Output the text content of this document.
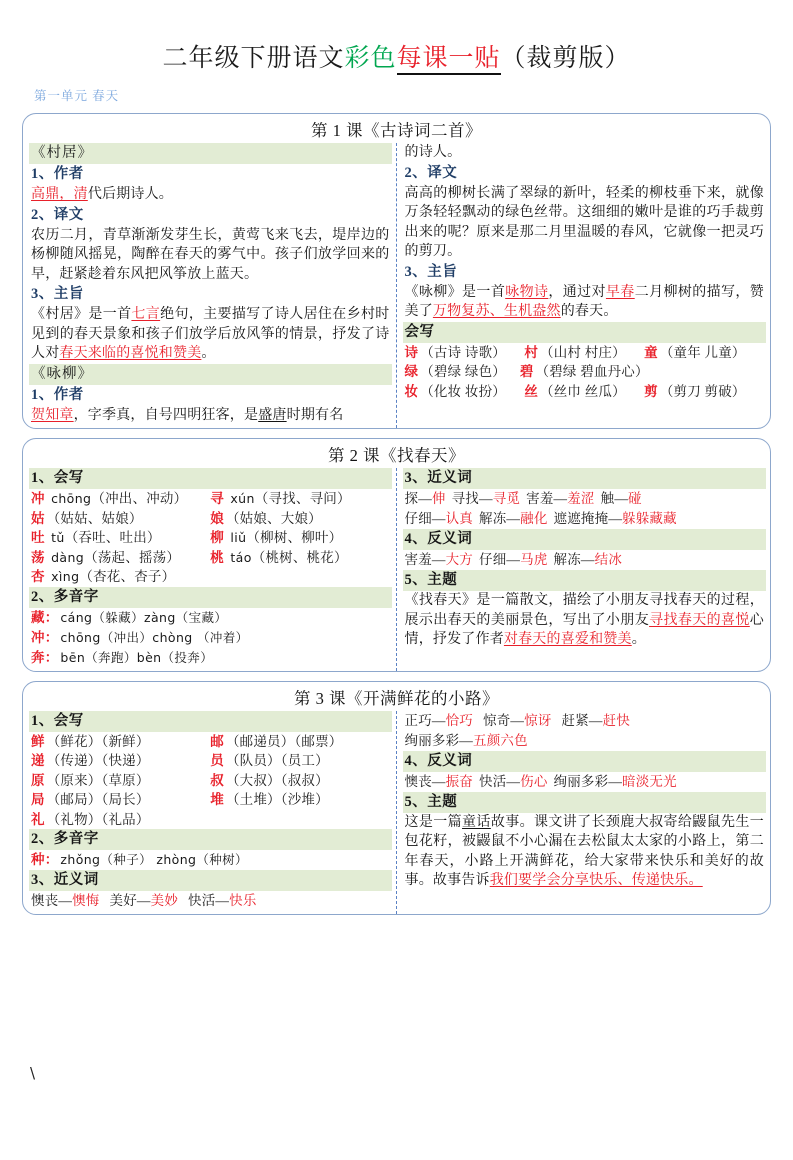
二年级下册语文彩色每课一贴（裁剪版）
第一单元 春天
第 1 课《古诗词二首》
《村居》
1、作者
高鼎，清代后期诗人。
2、译文
农历二月，青草渐渐发芽生长，黄莺飞来飞去，堤岸边的杨柳随风摇晃，陶醉在春天的雾气中。孩子们放学回来的早，赶紧趁着东风把风筝放上蓝天。
3、主旨
《村居》是一首七言绝句，主要描写了诗人居住在乡村时见到的春天景象和孩子们放学后放风筝的情景，抒发了诗人对春天来临的喜悦和赞美。
《咏柳》
1、作者
贺知章，字季真，自号四明狂客，是盛唐时期有名
的诗人。
2、译文
高高的柳树长满了翠绿的新叶，轻柔的柳枝垂下来，就像万条轻轻飘动的绿色丝带。这细细的嫩叶是谁的巧手裁剪出来的呢？原来是那二月里温暖的春风，它就像一把灵巧的剪刀。
3、主旨
《咏柳》是一首咏物诗，通过对早春二月柳树的描写，赞美了万物复苏、生机盎然的春天。
会写
诗 （古诗 诗歌）	村 （山村 村庄）	童 （童年 儿童）
绿 （碧绿 绿色）	碧 （碧绿 碧血丹心）
妆 （化妆 妆扮）	丝 （丝巾 丝瓜）	剪 （剪刀 剪破）
第 2 课《找春天》
1、会写
冲 chōng（冲出、冲动）	寻 xún（寻找、寻问）
姑 （姑姑、姑娘）	娘 （姑娘、大娘）
吐 tǔ（吞吐、吐出）	柳 liǔ（柳树、柳叶）
荡 dàng（荡起、摇荡）	桃 táo（桃树、桃花）
杏 xìng（杏花、杏子）
2、多音字
藏： cáng（躲藏）zàng（宝藏）
冲： chōng（冲出）chòng （冲着）
奔： bēn（奔跑）bèn（投奔）
3、近义词
探—伸 寻找—寻觅 害羞—羞涩 触—碰
仔细—认真 解冻—融化 遮遮掩掩—躲躲藏藏
4、反义词
害羞—大方 仔细—马虎 解冻—结冰
5、主题
《找春天》是一篇散文，描绘了小朋友寻找春天的过程，展示出春天的美丽景色，写出了小朋友寻找春天的喜悦心情，抒发了作者对春天的喜爱和赞美。
第 3 课《开满鲜花的小路》
1、会写
鲜 （鲜花）（新鲜）	邮 （邮递员）（邮票）
递 （传递）（快递）	员 （队员）（员工）
原 （原来）（草原）	叔 （大叔）（叔叔）
局 （邮局）（局长）	堆 （土堆）（沙堆）
礼 （礼物）（礼品）
2、多音字
种： zhǒng（种子） zhòng（种树）
3、近义词
懊丧—懊悔 美好—美妙 快活—快乐
正巧—恰巧 惊奇—惊讶 赶紧—赶快
绚丽多彩—五颜六色
4、反义词
懊丧—振奋 快活—伤心 绚丽多彩—暗淡无光
5、主题
这是一篇童话故事。课文讲了长颈鹿大叔寄给鼹鼠先生一包花籽，被鼹鼠不小心漏在去松鼠太太家的小路上，第二年春天，小路上开满鲜花，给大家带来快乐和美好的故事。故事告诉我们要学会分享快乐、传递快乐。
\
